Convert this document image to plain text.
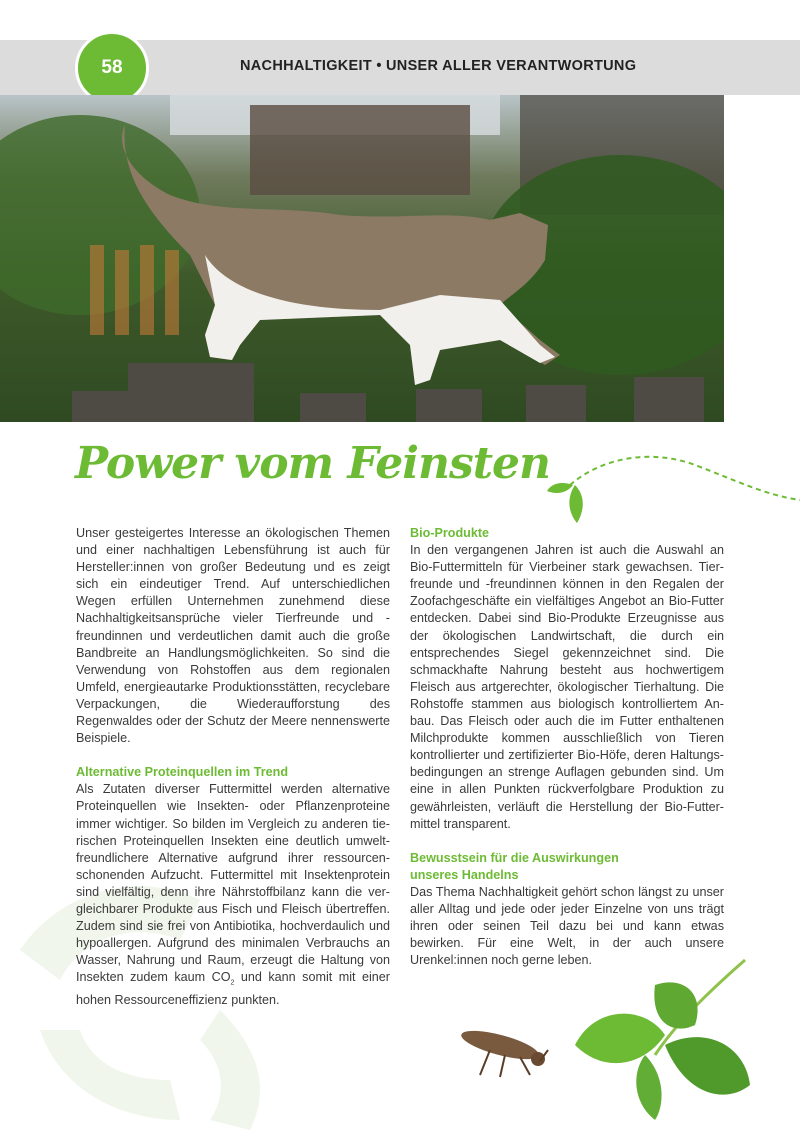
58	NACHHALTIGKEIT • UNSER ALLER VERANTWORTUNG
Power vom Feinsten

Unser gesteigertes Interesse an ökologischen Themen und einer nachhaltigen Lebensführung ist auch für Hersteller:innen von großer Bedeutung und es zeigt sich ein eindeutiger Trend. Auf unterschiedlichen Wegen erfüllen Unternehmen zunehmend diese Nachhaltigkeitsansprüche vieler Tierfreunde und -freundinnen und verdeutlichen damit auch die große Bandbreite an Handlungsmöglichkeiten. So sind die Verwendung von Rohstoffen aus dem regionalen Umfeld, energieautarke Produktionsstätten, recyclebare Verpackungen, die Wiederaufforstung des Regenwaldes oder der Schutz der Meere nennenswerte Beispiele.

Alternative Proteinquellen im Trend

Als Zutaten diverser Futtermittel werden alternative Proteinquellen wie Insekten- oder Pflanzenproteine immer wichtiger. So bilden im Vergleich zu anderen tierischen Proteinquellen Insekten eine deutlich umweltfreundlichere Alternative aufgrund ihrer ressourcenschonenden Aufzucht. Futtermittel mit Insektenprotein sind vielfältig, denn ihre Nährstoffbilanz kann die vergleichbarer Produkte aus Fisch und Fleisch übertreffen. Zudem sind sie frei von Antibiotika, hochverdaulich und hypoallergen. Aufgrund des minimalen Verbrauchs an Wasser, Nahrung und Raum, erzeugt die Haltung von Insekten zudem kaum $CO_2$ und kann somit mit einer hohen Ressourceneffizienz punkten.

Bio-Produkte

In den vergangenen Jahren ist auch die Auswahl an Bio-Futtermitteln für Vierbeiner stark gewachsen. Tierfreunde und -freundinnen können in den Regalen der Zoofachgeschäfte ein vielfältiges Angebot an Bio-Futter entdecken. Dabei sind Bio-Produkte Erzeugnisse aus der ökologischen Landwirtschaft, die durch ein entsprechendes Siegel gekennzeichnet sind. Die schmackhafte Nahrung besteht aus hochwertigem Fleisch aus artgerechter, ökologischer Tierhaltung. Die Rohstoffe stammen aus biologisch kontrolliertem Anbau. Das Fleisch oder auch die im Futter enthaltenen Milchprodukte kommen ausschließlich von Tieren kontrollierter und zertifizierter Bio-Höfe, deren Haltungsbedingungen an strenge Auflagen gebunden sind. Um eine in allen Punkten rückverfolgbare Produktion zu gewährleisten, verläuft die Herstellung der Bio-Futtermittel transparent.

Bewusstsein für die Auswirkungen
unseres Handelns

Das Thema Nachhaltigkeit gehört schon längst zu unser aller Alltag und jede oder jeder Einzelne von uns trägt ihren oder seinen Teil dazu bei und kann etwas bewirken. Für eine Welt, in der auch unsere Urenkel:innen noch gerne leben.
